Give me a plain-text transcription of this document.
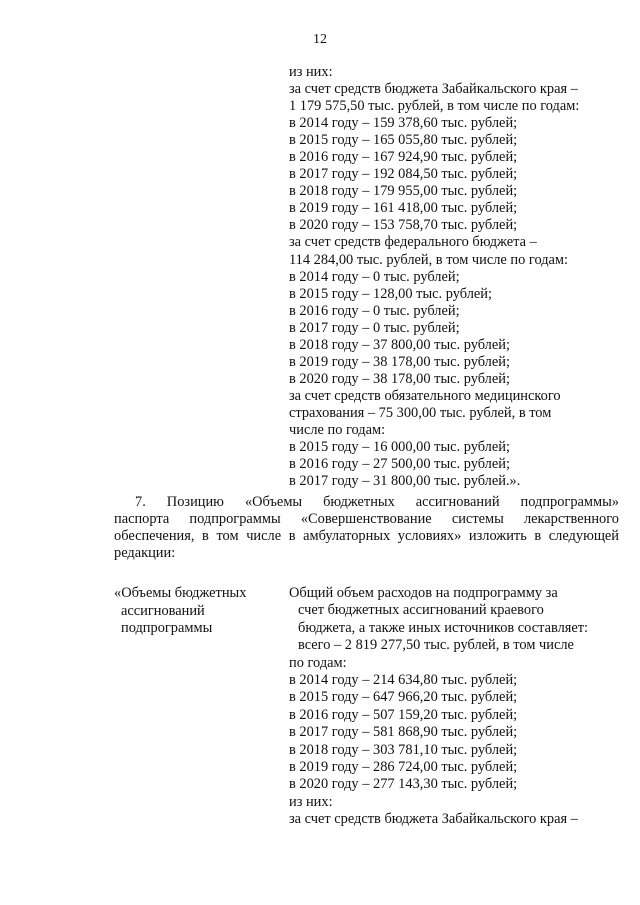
12
из них:
за счет средств бюджета Забайкальского края –
1 179 575,50 тыс. рублей, в том числе по годам:
в 2014 году – 159 378,60 тыс. рублей;
в 2015 году – 165 055,80 тыс. рублей;
в 2016 году – 167 924,90 тыс. рублей;
в 2017 году – 192 084,50 тыс. рублей;
в 2018 году – 179 955,00 тыс. рублей;
в 2019 году – 161 418,00 тыс. рублей;
в 2020 году – 153 758,70 тыс. рублей;
за счет средств федерального бюджета –
114 284,00 тыс. рублей, в том числе по годам:
в 2014 году – 0 тыс. рублей;
в 2015 году – 128,00 тыс. рублей;
в 2016 году – 0 тыс. рублей;
в 2017 году – 0 тыс. рублей;
в 2018 году – 37 800,00 тыс. рублей;
в 2019 году – 38 178,00 тыс. рублей;
в 2020 году – 38 178,00 тыс. рублей;
за счет средств обязательного медицинского
страхования – 75 300,00 тыс. рублей, в том
числе по годам:
в 2015 году – 16 000,00 тыс. рублей;
в 2016 году – 27 500,00 тыс. рублей;
в 2017 году – 31 800,00 тыс. рублей.».
7. Позицию «Объемы бюджетных ассигнований подпрограммы»
паспорта подпрограммы «Совершенствование системы лекарственного
обеспечения, в том числе в амбулаторных условиях» изложить в следующей
редакции:
«Объемы бюджетных
ассигнований
подпрограммы
Общий объем расходов на подпрограмму за
счет бюджетных ассигнований краевого
бюджета, а также иных источников составляет:
всего – 2 819 277,50 тыс. рублей, в том числе
по годам:
в 2014 году – 214 634,80 тыс. рублей;
в 2015 году – 647 966,20 тыс. рублей;
в 2016 году – 507 159,20 тыс. рублей;
в 2017 году – 581 868,90 тыс. рублей;
в 2018 году – 303 781,10 тыс. рублей;
в 2019 году – 286 724,00 тыс. рублей;
в 2020 году – 277 143,30 тыс. рублей;
из них:
за счет средств бюджета Забайкальского края –
